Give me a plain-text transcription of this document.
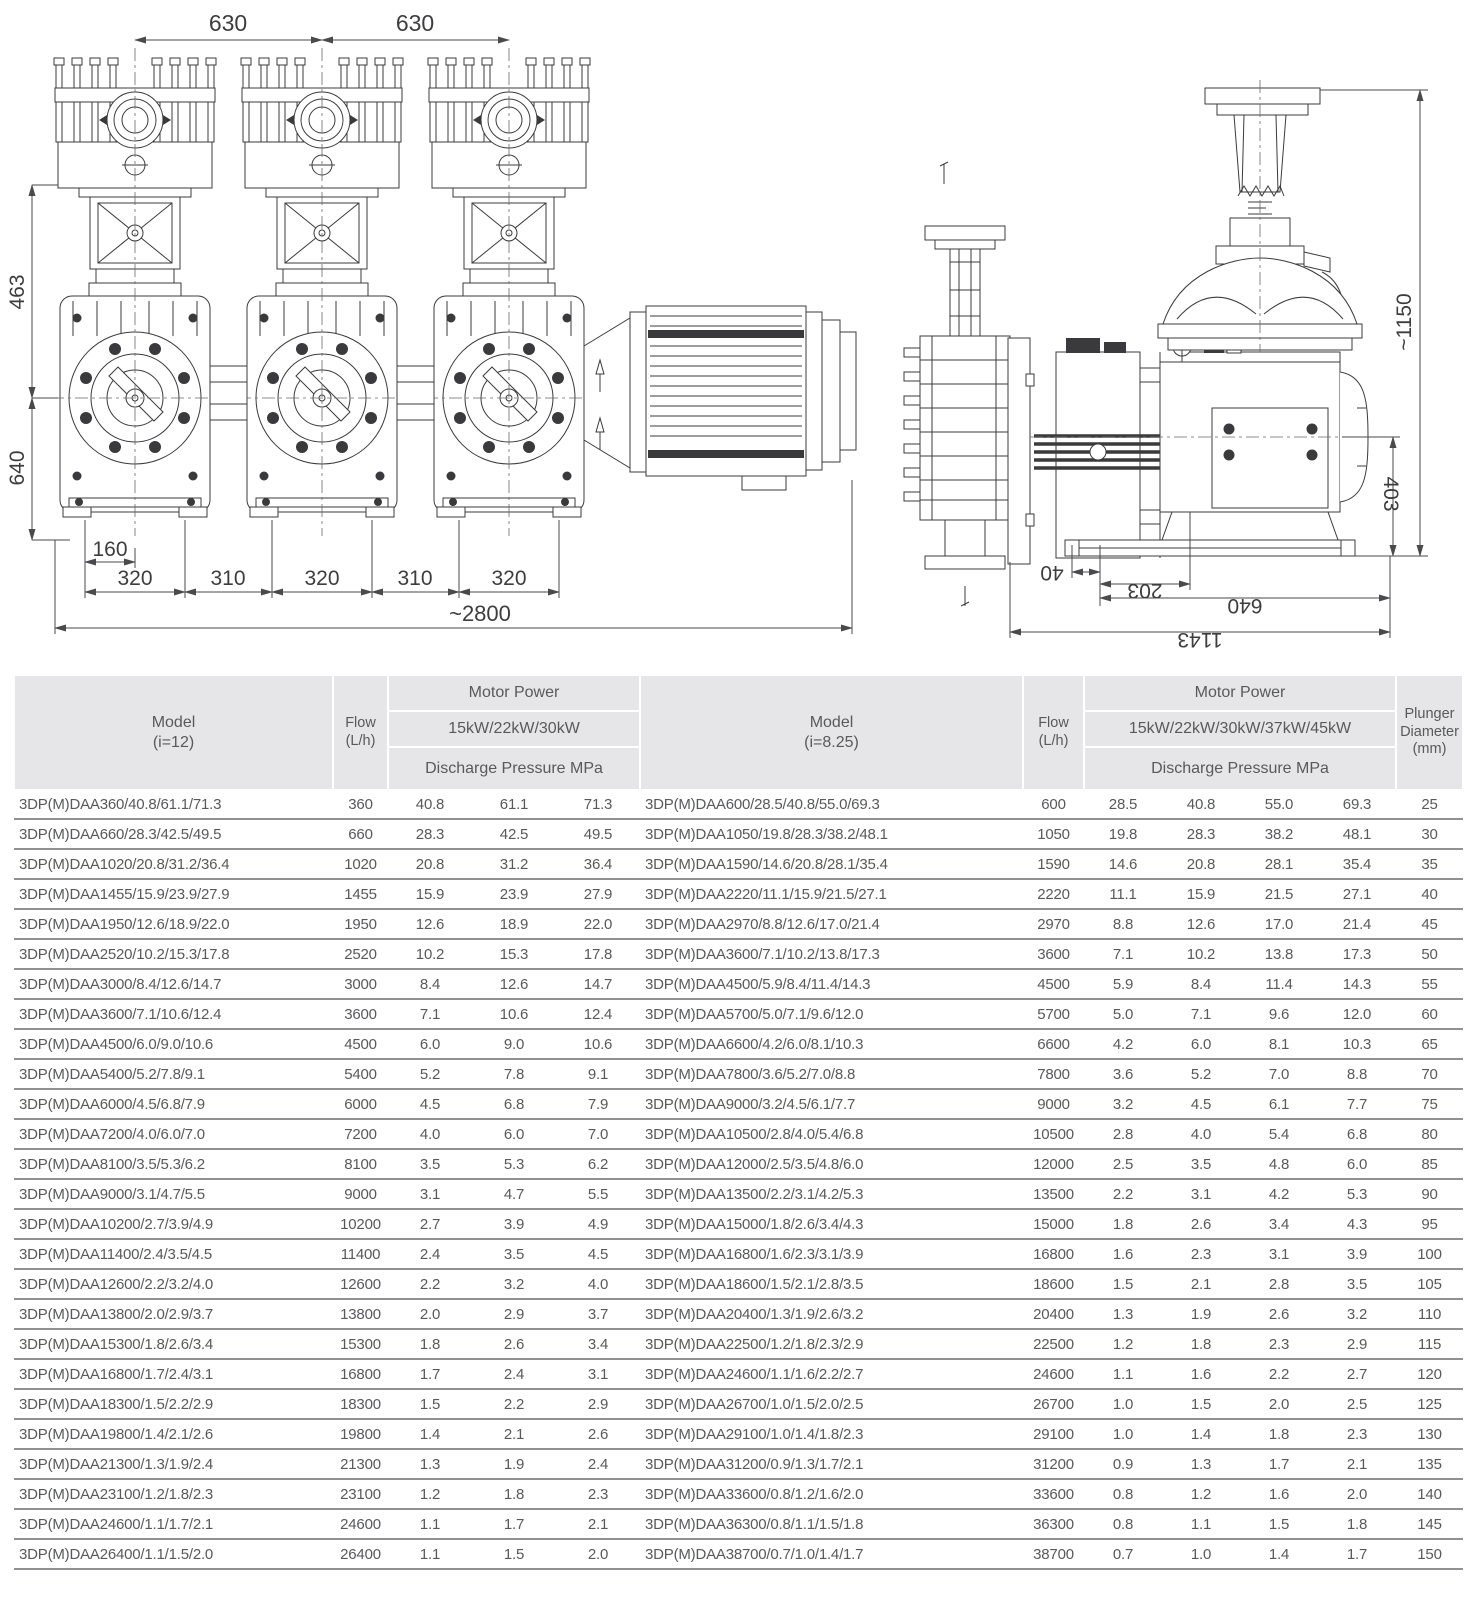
630	630
463
640
160
320	310	320	310	320
~2800
~1150
403
40
203
640
1143
Model
(i=12)
Flow
(L/h)
Motor Power
15kW/22kW/30kW
Discharge Pressure MPa
Model
(i=8.25)
Flow
(L/h)
Motor Power
15kW/22kW/30kW/37kW/45kW
Discharge Pressure MPa
Plunger
Diameter
(mm)
3DP(M)DAA360/40.8/61.1/71.3	360	40.8	61.1	71.3	3DP(M)DAA600/28.5/40.8/55.0/69.3	600	28.5	40.8	55.0	69.3	25
3DP(M)DAA660/28.3/42.5/49.5	660	28.3	42.5	49.5	3DP(M)DAA1050/19.8/28.3/38.2/48.1	1050	19.8	28.3	38.2	48.1	30
3DP(M)DAA1020/20.8/31.2/36.4	1020	20.8	31.2	36.4	3DP(M)DAA1590/14.6/20.8/28.1/35.4	1590	14.6	20.8	28.1	35.4	35
3DP(M)DAA1455/15.9/23.9/27.9	1455	15.9	23.9	27.9	3DP(M)DAA2220/11.1/15.9/21.5/27.1	2220	11.1	15.9	21.5	27.1	40
3DP(M)DAA1950/12.6/18.9/22.0	1950	12.6	18.9	22.0	3DP(M)DAA2970/8.8/12.6/17.0/21.4	2970	8.8	12.6	17.0	21.4	45
3DP(M)DAA2520/10.2/15.3/17.8	2520	10.2	15.3	17.8	3DP(M)DAA3600/7.1/10.2/13.8/17.3	3600	7.1	10.2	13.8	17.3	50
3DP(M)DAA3000/8.4/12.6/14.7	3000	8.4	12.6	14.7	3DP(M)DAA4500/5.9/8.4/11.4/14.3	4500	5.9	8.4	11.4	14.3	55
3DP(M)DAA3600/7.1/10.6/12.4	3600	7.1	10.6	12.4	3DP(M)DAA5700/5.0/7.1/9.6/12.0	5700	5.0	7.1	9.6	12.0	60
3DP(M)DAA4500/6.0/9.0/10.6	4500	6.0	9.0	10.6	3DP(M)DAA6600/4.2/6.0/8.1/10.3	6600	4.2	6.0	8.1	10.3	65
3DP(M)DAA5400/5.2/7.8/9.1	5400	5.2	7.8	9.1	3DP(M)DAA7800/3.6/5.2/7.0/8.8	7800	3.6	5.2	7.0	8.8	70
3DP(M)DAA6000/4.5/6.8/7.9	6000	4.5	6.8	7.9	3DP(M)DAA9000/3.2/4.5/6.1/7.7	9000	3.2	4.5	6.1	7.7	75
3DP(M)DAA7200/4.0/6.0/7.0	7200	4.0	6.0	7.0	3DP(M)DAA10500/2.8/4.0/5.4/6.8	10500	2.8	4.0	5.4	6.8	80
3DP(M)DAA8100/3.5/5.3/6.2	8100	3.5	5.3	6.2	3DP(M)DAA12000/2.5/3.5/4.8/6.0	12000	2.5	3.5	4.8	6.0	85
3DP(M)DAA9000/3.1/4.7/5.5	9000	3.1	4.7	5.5	3DP(M)DAA13500/2.2/3.1/4.2/5.3	13500	2.2	3.1	4.2	5.3	90
3DP(M)DAA10200/2.7/3.9/4.9	10200	2.7	3.9	4.9	3DP(M)DAA15000/1.8/2.6/3.4/4.3	15000	1.8	2.6	3.4	4.3	95
3DP(M)DAA11400/2.4/3.5/4.5	11400	2.4	3.5	4.5	3DP(M)DAA16800/1.6/2.3/3.1/3.9	16800	1.6	2.3	3.1	3.9	100
3DP(M)DAA12600/2.2/3.2/4.0	12600	2.2	3.2	4.0	3DP(M)DAA18600/1.5/2.1/2.8/3.5	18600	1.5	2.1	2.8	3.5	105
3DP(M)DAA13800/2.0/2.9/3.7	13800	2.0	2.9	3.7	3DP(M)DAA20400/1.3/1.9/2.6/3.2	20400	1.3	1.9	2.6	3.2	110
3DP(M)DAA15300/1.8/2.6/3.4	15300	1.8	2.6	3.4	3DP(M)DAA22500/1.2/1.8/2.3/2.9	22500	1.2	1.8	2.3	2.9	115
3DP(M)DAA16800/1.7/2.4/3.1	16800	1.7	2.4	3.1	3DP(M)DAA24600/1.1/1.6/2.2/2.7	24600	1.1	1.6	2.2	2.7	120
3DP(M)DAA18300/1.5/2.2/2.9	18300	1.5	2.2	2.9	3DP(M)DAA26700/1.0/1.5/2.0/2.5	26700	1.0	1.5	2.0	2.5	125
3DP(M)DAA19800/1.4/2.1/2.6	19800	1.4	2.1	2.6	3DP(M)DAA29100/1.0/1.4/1.8/2.3	29100	1.0	1.4	1.8	2.3	130
3DP(M)DAA21300/1.3/1.9/2.4	21300	1.3	1.9	2.4	3DP(M)DAA31200/0.9/1.3/1.7/2.1	31200	0.9	1.3	1.7	2.1	135
3DP(M)DAA23100/1.2/1.8/2.3	23100	1.2	1.8	2.3	3DP(M)DAA33600/0.8/1.2/1.6/2.0	33600	0.8	1.2	1.6	2.0	140
3DP(M)DAA24600/1.1/1.7/2.1	24600	1.1	1.7	2.1	3DP(M)DAA36300/0.8/1.1/1.5/1.8	36300	0.8	1.1	1.5	1.8	145
3DP(M)DAA26400/1.1/1.5/2.0	26400	1.1	1.5	2.0	3DP(M)DAA38700/0.7/1.0/1.4/1.7	38700	0.7	1.0	1.4	1.7	150
